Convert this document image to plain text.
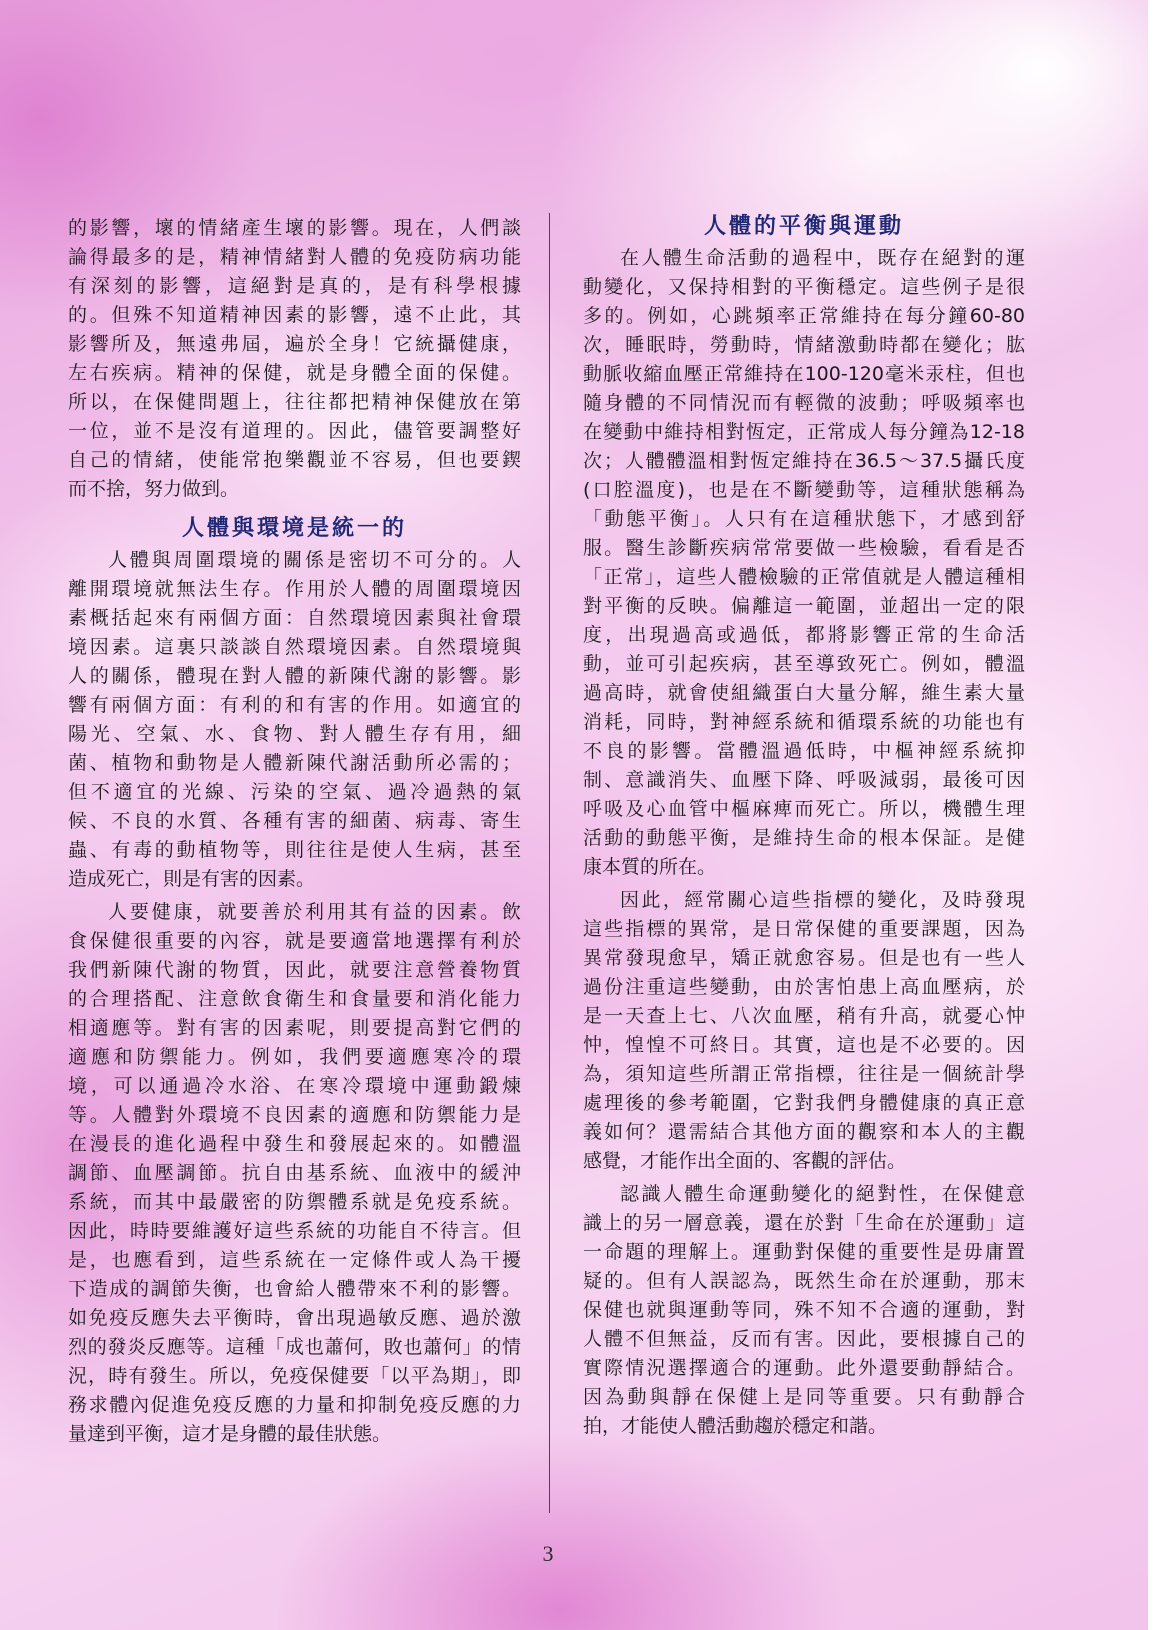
的影響，壞的情緒產生壞的影響。現在，人們談
論得最多的是，精神情緒對人體的免疫防病功能
有深刻的影響，這絕對是真的，是有科學根據
的。但殊不知道精神因素的影響，遠不止此，其
影響所及，無遠弗屆，遍於全身！它統攝健康，
左右疾病。精神的保健，就是身體全面的保健。
所以，在保健問題上，往往都把精神保健放在第
一位，並不是沒有道理的。因此，儘管要調整好
自己的情緒，使能常抱樂觀並不容易，但也要鍥
而不捨，努力做到。
人體與環境是統一的
人體與周圍環境的關係是密切不可分的。人
離開環境就無法生存。作用於人體的周圍環境因
素概括起來有兩個方面：自然環境因素與社會環
境因素。這裏只談談自然環境因素。自然環境與
人的關係，體現在對人體的新陳代謝的影響。影
響有兩個方面：有利的和有害的作用。如適宜的
陽光、空氣、水、食物、對人體生存有用，細
菌、植物和動物是人體新陳代謝活動所必需的；
但不適宜的光線、污染的空氣、過冷過熱的氣
候、不良的水質、各種有害的細菌、病毒、寄生
蟲、有毒的動植物等，則往往是使人生病，甚至
造成死亡，則是有害的因素。
人要健康，就要善於利用其有益的因素。飲
食保健很重要的內容，就是要適當地選擇有利於
我們新陳代謝的物質，因此，就要注意營養物質
的合理搭配、注意飲食衛生和食量要和消化能力
相適應等。對有害的因素呢，則要提高對它們的
適應和防禦能力。例如，我們要適應寒冷的環
境，可以通過冷水浴、在寒冷環境中運動鍛煉
等。人體對外環境不良因素的適應和防禦能力是
在漫長的進化過程中發生和發展起來的。如體溫
調節、血壓調節。抗自由基系統、血液中的緩沖
系統，而其中最嚴密的防禦體系就是免疫系統。
因此，時時要維護好這些系統的功能自不待言。但
是，也應看到，這些系統在一定條件或人為干擾
下造成的調節失衡，也會給人體帶來不利的影響。
如免疫反應失去平衡時，會出現過敏反應、過於激
烈的發炎反應等。這種「成也蕭何，敗也蕭何」的情
況，時有發生。所以，免疫保健要「以平為期」，即
務求體內促進免疫反應的力量和抑制免疫反應的力
量達到平衡，這才是身體的最佳狀態。
人體的平衡與運動
在人體生命活動的過程中，既存在絕對的運
動變化，又保持相對的平衡穩定。這些例子是很
多的。例如，心跳頻率正常維持在每分鐘60-80
次，睡眠時，勞動時，情緒激動時都在變化；肱
動脈收縮血壓正常維持在100-120毫米汞柱，但也
隨身體的不同情況而有輕微的波動；呼吸頻率也
在變動中維持相對恆定，正常成人每分鐘為12-18
次；人體體溫相對恆定維持在36.5～37.5攝氏度
(口腔溫度)，也是在不斷變動等，這種狀態稱為
「動態平衡」。人只有在這種狀態下，才感到舒
服。醫生診斷疾病常常要做一些檢驗，看看是否
「正常」，這些人體檢驗的正常值就是人體這種相
對平衡的反映。偏離這一範圍，並超出一定的限
度，出現過高或過低，都將影響正常的生命活
動，並可引起疾病，甚至導致死亡。例如，體溫
過高時，就會使組織蛋白大量分解，維生素大量
消耗，同時，對神經系統和循環系統的功能也有
不良的影響。當體溫過低時，中樞神經系統抑
制、意識消失、血壓下降、呼吸減弱，最後可因
呼吸及心血管中樞麻痺而死亡。所以，機體生理
活動的動態平衡，是維持生命的根本保証。是健
康本質的所在。
因此，經常關心這些指標的變化，及時發現
這些指標的異常，是日常保健的重要課題，因為
異常發現愈早，矯正就愈容易。但是也有一些人
過份注重這些變動，由於害怕患上高血壓病，於
是一天查上七、八次血壓，稍有升高，就憂心忡
忡，惶惶不可終日。其實，這也是不必要的。因
為，須知這些所謂正常指標，往往是一個統計學
處理後的參考範圍，它對我們身體健康的真正意
義如何？還需結合其他方面的觀察和本人的主觀
感覺，才能作出全面的、客觀的評估。
認識人體生命運動變化的絕對性，在保健意
識上的另一層意義，還在於對「生命在於運動」這
一命題的理解上。運動對保健的重要性是毋庸置
疑的。但有人誤認為，既然生命在於運動，那末
保健也就與運動等同，殊不知不合適的運動，對
人體不但無益，反而有害。因此，要根據自己的
實際情況選擇適合的運動。此外還要動靜結合。
因為動與靜在保健上是同等重要。只有動靜合
拍，才能使人體活動趨於穩定和諧。
3
